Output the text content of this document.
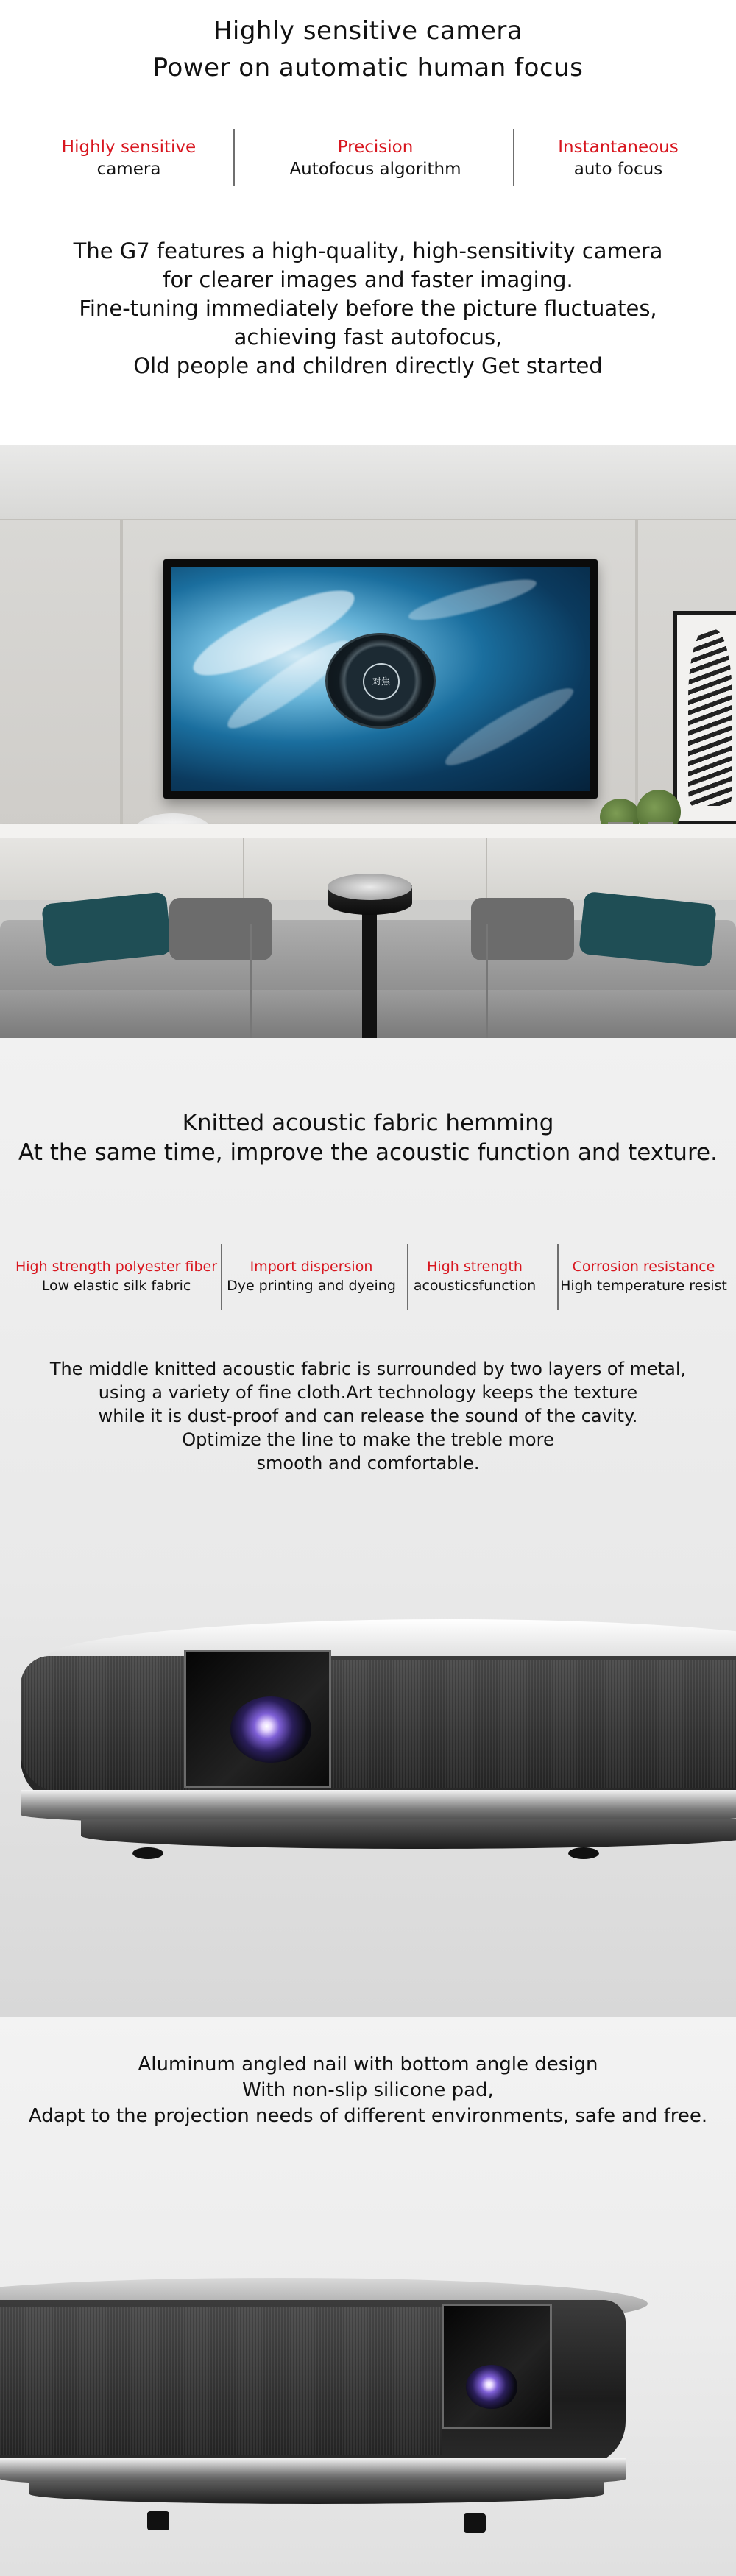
Highly sensitive camera
Power on automatic human focus
Highly sensitive
camera
Precision
Autofocus algorithm
Instantaneous
auto focus
The G7 features a high-quality, high-sensitivity camera
for clearer images and faster imaging.
Fine-tuning immediately before the picture fluctuates,
achieving fast autofocus,
Old people and children directly Get started
对焦
Knitted acoustic fabric hemming
At the same time, improve the acoustic function and texture.
High strength polyester fiber
Low elastic silk fabric
Import dispersion
Dye printing and dyeing
High strength
acousticsfunction
Corrosion resistance
High temperature resist
The middle knitted acoustic fabric is surrounded by two layers of metal,
using a variety of fine cloth.Art technology keeps the texture
while it is dust-proof and can release the sound of the cavity.
Optimize the line to make the treble more
smooth and comfortable.
Aluminum angled nail with bottom angle design
With non-slip silicone pad,
Adapt to the projection needs of different environments, safe and free.
